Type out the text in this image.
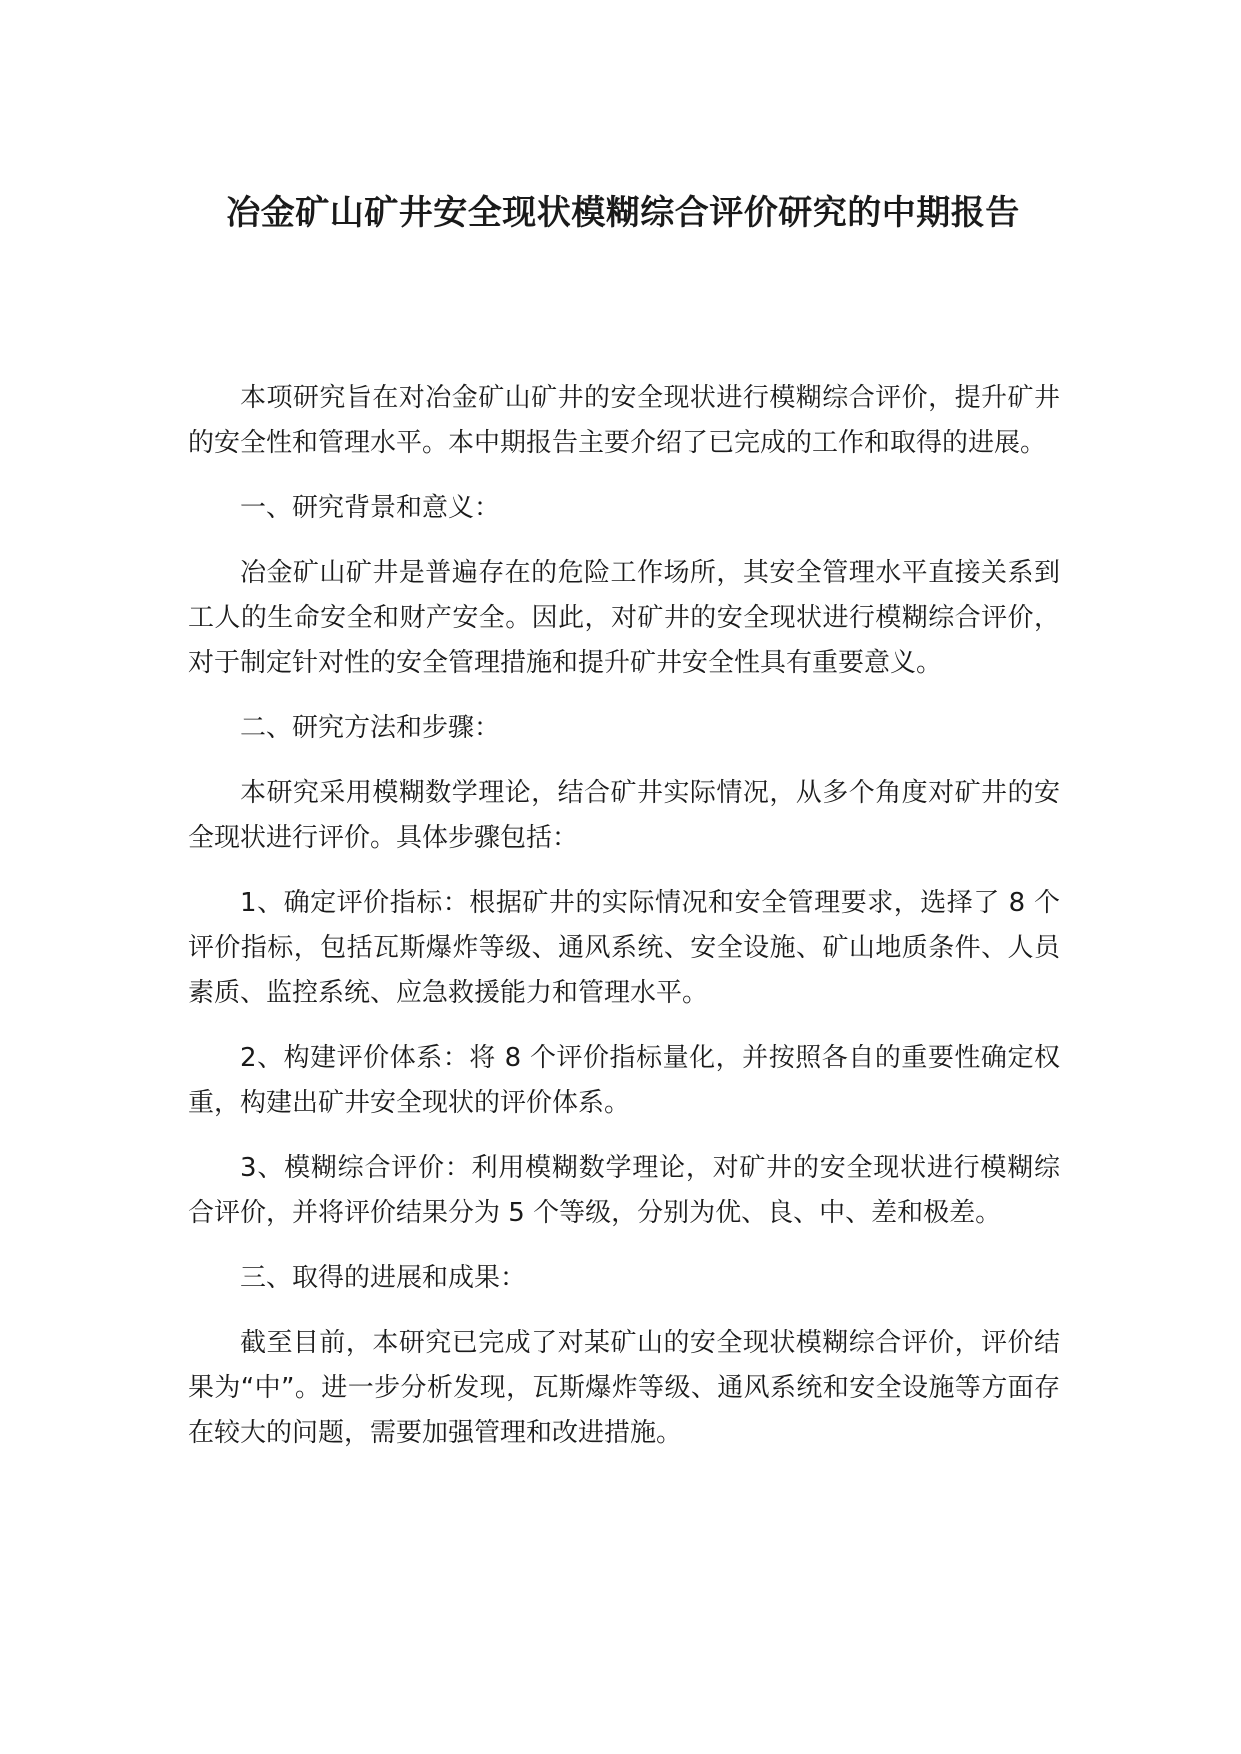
冶金矿山矿井安全现状模糊综合评价研究的中期报告

本项研究旨在对冶金矿山矿井的安全现状进行模糊综合评价，提升矿井的安全性和管理水平。本中期报告主要介绍了已完成的工作和取得的进展。

一、研究背景和意义：

冶金矿山矿井是普遍存在的危险工作场所，其安全管理水平直接关系到工人的生命安全和财产安全。因此，对矿井的安全现状进行模糊综合评价，对于制定针对性的安全管理措施和提升矿井安全性具有重要意义。

二、研究方法和步骤：

本研究采用模糊数学理论，结合矿井实际情况，从多个角度对矿井的安全现状进行评价。具体步骤包括：

1、确定评价指标：根据矿井的实际情况和安全管理要求，选择了 8 个评价指标，包括瓦斯爆炸等级、通风系统、安全设施、矿山地质条件、人员素质、监控系统、应急救援能力和管理水平。

2、构建评价体系：将 8 个评价指标量化，并按照各自的重要性确定权重，构建出矿井安全现状的评价体系。

3、模糊综合评价：利用模糊数学理论，对矿井的安全现状进行模糊综合评价，并将评价结果分为 5 个等级，分别为优、良、中、差和极差。

三、取得的进展和成果：

截至目前，本研究已完成了对某矿山的安全现状模糊综合评价，评价结果为“中”。进一步分析发现，瓦斯爆炸等级、通风系统和安全设施等方面存在较大的问题，需要加强管理和改进措施。
